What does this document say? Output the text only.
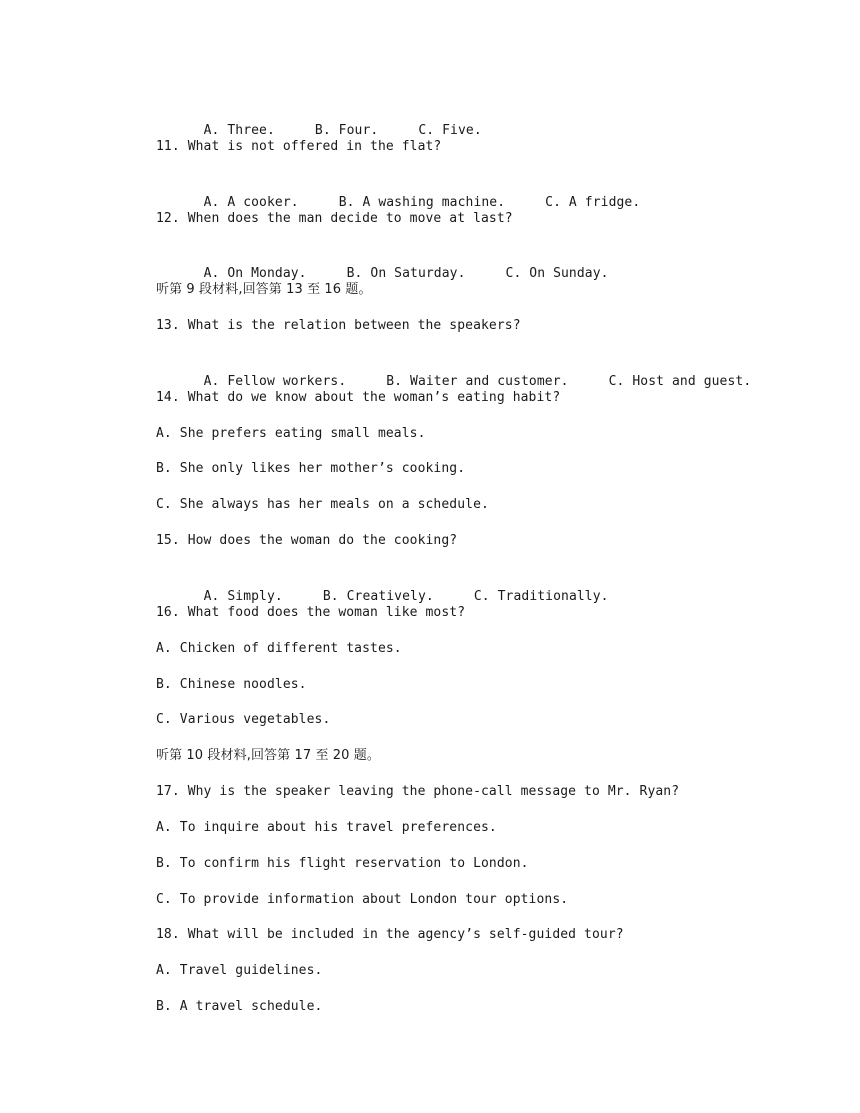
A. Three.	B. Four.	C. Five.

11. What is not offered in the flat?

A. A cooker.	B. A washing machine.	C. A fridge.

12. When does the man decide to move at last?

A. On Monday.	B. On Saturday.	C. On Sunday.

听第 9 段材料,回答第 13 至 16 题。
13. What is the relation between the speakers?

A. Fellow workers.	B. Waiter and customer.	C. Host and guest.

14. What do we know about the woman’s eating habit?
A. She prefers eating small meals.
B. She only likes her mother’s cooking.
C. She always has her meals on a schedule.
15. How does the woman do the cooking?

A. Simply.	B. Creatively.	C. Traditionally.

16. What food does the woman like most?
A. Chicken of different tastes.
B. Chinese noodles.
C. Various vegetables.
听第 10 段材料,回答第 17 至 20 题。
17. Why is the speaker leaving the phone-call message to Mr. Ryan?
A. To inquire about his travel preferences.
B. To confirm his flight reservation to London.
C. To provide information about London tour options.
18. What will be included in the agency’s self-guided tour?
A. Travel guidelines.
B. A travel schedule.
